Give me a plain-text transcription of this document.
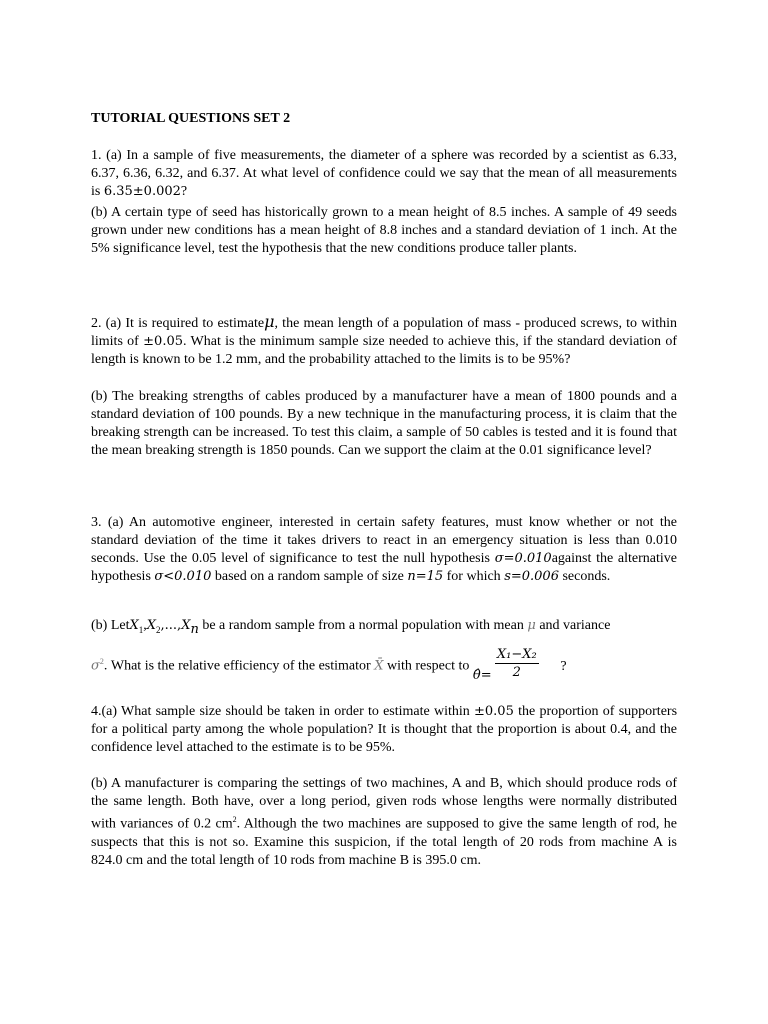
TUTORIAL QUESTIONS SET 2
1. (a) In a sample of five measurements, the diameter of a sphere was recorded by a scientist as 6.33, 6.37, 6.36, 6.32, and 6.37. At what level of confidence could we say that the mean of all measurements is 6.35±0.002?
(b) A certain type of seed has historically grown to a mean height of 8.5 inches. A sample of 49 seeds grown under new conditions has a mean height of 8.8 inches and a standard deviation of 1 inch. At the 5% significance level, test the hypothesis that the new conditions produce taller plants.
2. (a) It is required to estimateμ, the mean length of a population of mass - produced screws, to within limits of ±0.05. What is the minimum sample size needed to achieve this, if the standard deviation of length is known to be 1.2 mm, and the probability attached to the limits is to be 95%?
(b) The breaking strengths of cables produced by a manufacturer have a mean of 1800 pounds and a standard deviation of 100 pounds. By a new technique in the manufacturing process, it is claim that the breaking strength can be increased. To test this claim, a sample of 50 cables is tested and it is found that the mean breaking strength is 1850 pounds. Can we support the claim at the 0.01 significance level?
3. (a) An automotive engineer, interested in certain safety features, must know whether or not the standard deviation of the time it takes drivers to react in an emergency situation is less than 0.010 seconds. Use the 0.05 level of significance to test the null hypothesis σ=0.010against the alternative hypothesis σ<0.010 based on a random sample of size n=15 for which s=0.006 seconds.
(b) $LetX_1,X_2,...,X_n$ be a random sample from a normal population with mean μ and variance
$\sigma^2$. What is the relative efficiency of the estimator X̄ with respect to
θ̂= $\frac{\text{X₁−X₂}}{2}$ ?
4.(a) What sample size should be taken in order to estimate within ±0.05 the proportion of supporters for a political party among the whole population? It is thought that the proportion is about 0.4, and the confidence level attached to the estimate is to be 95%.
(b) A manufacturer is comparing the settings of two machines, A and B, which should produce rods of the same length. Both have, over a long period, given rods whose lengths were normally distributed with variances of 0.2 $cm^2$. Although the two machines are supposed to give the same length of rod, he suspects that this is not so. Examine this suspicion, if the total length of 20 rods from machine A is 824.0 cm and the total length of 10 rods from machine B is 395.0 cm.
